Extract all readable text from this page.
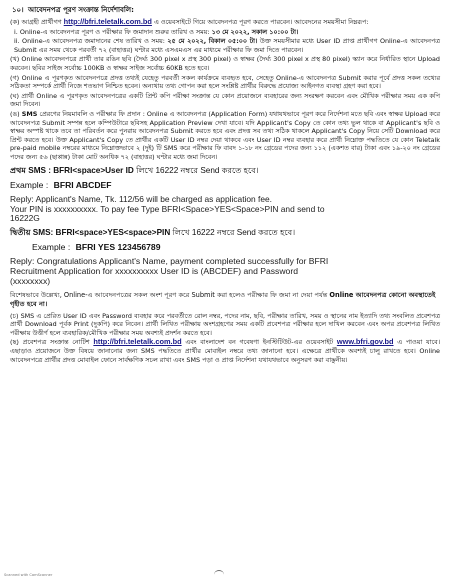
১০। আবেদনপত্র পূরণ সংক্রান্ত নির্দেশাবলি:

(ক) আগ্রহী প্রার্থীগণ http://bfri.teletalk.com.bd এ ওয়েবসাইটে গিয়ে আবেদনপত্র পূরণ করতে পারবেন। আবেদনের সময়সীমা নিম্নরূপ:

i. Online-এ আবেদনপত্র পূরণ ও পরীক্ষার ফি জমাদান শুরুর তারিখ ও সময়: ১৩ মে ২০২২, সকাল ১০:০০ টা।

ii. Online-এ আবেদনপত্র জমাদানের শেষ তারিখ ও সময়: ২৫ মে ২০২২, বিকাল ০৫:০০ টা। উক্ত সময়সীমার মধ্যে User ID প্রাপ্ত প্রার্থীগণ Online-এ আবেদনপত্র Submit এর সময় থেকে পরবর্তী ৭২ (বাহাত্তর) ঘণ্টার মধ্যে এসএমএস এর মাধ্যমে পরীক্ষার ফি জমা দিতে পারবেন।

(খ) Online আবেদনপত্রে প্রার্থী তার রঙিন ছবি (দৈর্ঘ্য 300 pixel x প্রস্থ 300 pixel) ও স্বাক্ষর (দৈর্ঘ্য 300 pixel x প্রস্থ 80 pixel) স্ক্যান করে নির্ধারিত স্থানে Upload করবেন। ছবির সাইজ সর্বোচ্চ 100KB ও স্বাক্ষর সাইজ সর্বোচ্চ 60KB হতে হবে।

(গ) Online এ পূরণকৃত আবেদনপত্রে প্রদত্ত তথ্যই যেহেতু পরবর্তী সকল কার্যক্রমে ব্যবহৃত হবে, সেহেতু Online-এ আবেদনপত্র Submit করার পূর্বে প্রদত্ত সকল তথ্যের সঠিকতা সম্পর্কে প্রার্থী নিজে শতভাগ নিশ্চিত হবেন। অন্যথায় তথ্য গোপন করা হলে সংশ্লিষ্ট প্রার্থীর বিরুদ্ধে প্রযোজ্য আইনগত ব্যবস্থা গ্রহণ করা হবে।

(ঘ) প্রার্থী Online এ পূরণকৃত আবেদনপত্রের একটি প্রিন্ট কপি পরীক্ষা সংক্রান্ত যে কোন প্রয়োজনে ব্যবহারের জন্য সংরক্ষণ করবেন এবং মৌখিক পরীক্ষার সময় এক কপি জমা দিবেন।

(ঙ) SMS প্রেরণের নিয়মাবলি ও পরীক্ষার ফি প্রদান : Online এ আবেদনপত্র (Application Form) যথাযথভাবে পূরণ করে নির্দেশনা মতে ছবি এবং স্বাক্ষর Upload করে আবেদনপত্র Submit সম্পন্ন হলে কম্পিউটারে ছবিসহ Application Preview দেখা যাবে। যদি Applicant's Copy তে কোন তথ্য ভুল থাকে বা Applicant's ছবি ও স্বাক্ষর অস্পষ্ট থাকে তবে তা পরিবর্তন করে পুনরায় আবেদনপত্র Submit করতে হবে এবং প্রদত্ত সব তথ্য সঠিক থাকলে Applicant's Copy নিয়ে সেটি Download করে প্রিন্ট করতে হবে। উক্ত Applicant's Copy তে প্রার্থীর একটি User ID নম্বর দেয়া থাকবে এবং User ID নম্বর ব্যবহার করে প্রার্থী নিম্নোক্ত পদ্ধতিতে যে কোন Teletalk pre-paid mobile নম্বরের মাধ্যমে নিম্নোক্তভাবে ২ (দুই) টি SMS করে পরীক্ষার ফি বাবদ ১-১৮ নং গ্রেডের পদের জন্য ১১২ (একশত বার) টাকা এবং ১৯-২০ নং গ্রেডের পদের জন্য ৫৬ (ছাপ্পান্ন) টাকা মোট অনধিক ৭২ (বাহাত্তর) ঘণ্টার মধ্যে জমা দিবেন।

প্রথম SMS : BFRI<space>User ID লিখে 16222 নম্বরে Send করতে হবে।
Example : BFRI ABCDEF
Reply: Applicant's Name, Tk. 112/56 will be charged as application fee.
Your PIN is xxxxxxxxxx. To pay fee Type BFRI<Space>YES<Space>PIN and send to
16222G
দ্বিতীয় SMS: BFRI<space>YES<space>PIN লিখে 16222 নম্বরে Send করতে হবে।
Example : BFRI YES 123456789
Reply: Congratulations Applicant's Name, payment completed successfully for BFRI
Recruitment Application for xxxxxxxxxx User ID is (ABCDEF) and Password
(xxxxxxxx)

বিশেষভাবে উল্লেখ্য, Online-এ আবেদনপত্রের সকল অংশ পূরণ করে Submit করা হলেও পরীক্ষার ফি জমা না দেয়া পর্যন্ত Online আবেদনপত্র কোনো অবস্থাতেই গৃহীত হবে না।

(চ) SMS এ প্রেরিত User ID এবং Password ব্যবহার করে পরবর্তীতে রোল নম্বর, পদের নাম, ছবি, পরীক্ষার তারিখ, সময় ও স্থানের নাম ইত্যাদি তথ্য সংবলিত প্রবেশপত্র প্রার্থী Download পূর্বক Print (দুকপি) করে নিবেন। প্রার্থী লিখিত পরীক্ষায় অংশগ্রহণের সময় একটি প্রবেশপত্র পরীক্ষার হলে দাখিল করবেন এবং অপর প্রবেশপত্র লিখিত পরীক্ষায় উত্তীর্ণ হলে ব্যবহারিক/মৌখিক পরীক্ষার সময় অবশ্যই প্রদর্শন করতে হবে।

(ছ) প্রবেশপত্র সংক্রান্ত নোটিশ http://bfri.teletalk.com.bd এবং বাংলাদেশ বন গবেষণা ইনস্টিটিউট-এর ওয়েবসাইট www.bfri.gov.bd এ পাওয়া যাবে। এছাড়াও প্রয়োজনে উক্ত বিষয়ে জানানোর জন্য SMS পদ্ধতিতে প্রার্থীর মোবাইল নম্বরে তথ্য জানানো হবে। এক্ষেত্রে প্রার্থীকে অবশ্যই চালু রাখতে হবে। Online আবেদনপত্রে প্রার্থীর প্রদত্ত মোবাইল ফোনে সার্বক্ষণিক সচল রাখা এবং SMS পড়া ও প্রাপ্ত নির্দেশনা যথাযথভাবে অনুসরণ করা বাঞ্ছনীয়।

Scanned with CamScanner
